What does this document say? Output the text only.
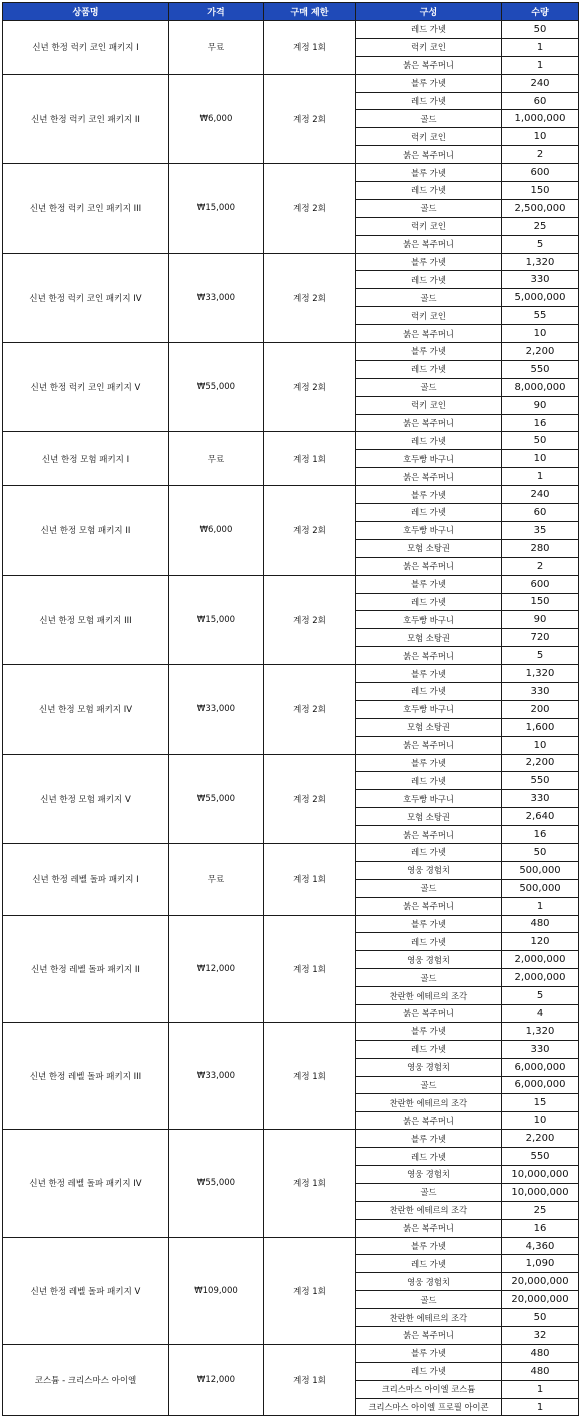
상품명	가격	구매 제한	구성	수량
신년 한정 럭키 코인 패키지 I	무료	계정 1회	레드 가넷	50
			럭키 코인	1
			붉은 복주머니	1
신년 한정 럭키 코인 패키지 II	₩6,000	계정 2회	블루 가넷	240
			레드 가넷	60
			골드	1,000,000
			럭키 코인	10
			붉은 복주머니	2
신년 한정 럭키 코인 패키지 III	₩15,000	계정 2회	블루 가넷	600
			레드 가넷	150
			골드	2,500,000
			럭키 코인	25
			붉은 복주머니	5
신년 한정 럭키 코인 패키지 IV	₩33,000	계정 2회	블루 가넷	1,320
			레드 가넷	330
			골드	5,000,000
			럭키 코인	55
			붉은 복주머니	10
신년 한정 럭키 코인 패키지 V	₩55,000	계정 2회	블루 가넷	2,200
			레드 가넷	550
			골드	8,000,000
			럭키 코인	90
			붉은 복주머니	16
신년 한정 모험 패키지 I	무료	계정 1회	레드 가넷	50
			호두빵 바구니	10
			붉은 복주머니	1
신년 한정 모험 패키지 II	₩6,000	계정 2회	블루 가넷	240
			레드 가넷	60
			호두빵 바구니	35
			모험 소탕권	280
			붉은 복주머니	2
신년 한정 모험 패키지 III	₩15,000	계정 2회	블루 가넷	600
			레드 가넷	150
			호두빵 바구니	90
			모험 소탕권	720
			붉은 복주머니	5
신년 한정 모험 패키지 IV	₩33,000	계정 2회	블루 가넷	1,320
			레드 가넷	330
			호두빵 바구니	200
			모험 소탕권	1,600
			붉은 복주머니	10
신년 한정 모험 패키지 V	₩55,000	계정 2회	블루 가넷	2,200
			레드 가넷	550
			호두빵 바구니	330
			모험 소탕권	2,640
			붉은 복주머니	16
신년 한정 레벨 돌파 패키지 I	무료	계정 1회	레드 가넷	50
			영웅 경험치	500,000
			골드	500,000
			붉은 복주머니	1
신년 한정 레벨 돌파 패키지 II	₩12,000	계정 1회	블루 가넷	480
			레드 가넷	120
			영웅 경험치	2,000,000
			골드	2,000,000
			찬란한 에테르의 조각	5
			붉은 복주머니	4
신년 한정 레벨 돌파 패키지 III	₩33,000	계정 1회	블루 가넷	1,320
			레드 가넷	330
			영웅 경험치	6,000,000
			골드	6,000,000
			찬란한 에테르의 조각	15
			붉은 복주머니	10
신년 한정 레벨 돌파 패키지 IV	₩55,000	계정 1회	블루 가넷	2,200
			레드 가넷	550
			영웅 경험치	10,000,000
			골드	10,000,000
			찬란한 에테르의 조각	25
			붉은 복주머니	16
신년 한정 레벨 돌파 패키지 V	₩109,000	계정 1회	블루 가넷	4,360
			레드 가넷	1,090
			영웅 경험치	20,000,000
			골드	20,000,000
			찬란한 에테르의 조각	50
			붉은 복주머니	32
코스튬 - 크리스마스 아이엘	₩12,000	계정 1회	블루 가넷	480
			레드 가넷	480
			크리스마스 아이엘 코스튬	1
			크리스마스 아이엘 프로필 아이콘	1
